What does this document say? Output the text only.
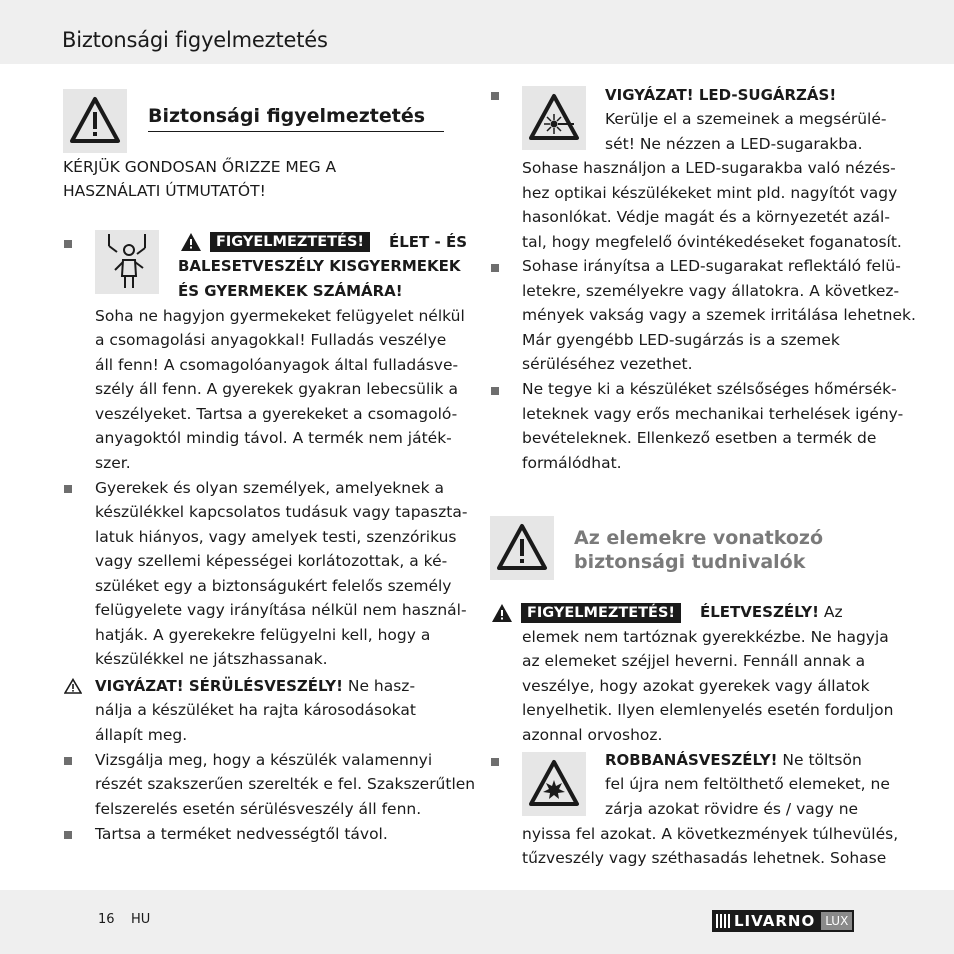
Biztonsági figyelmeztetés
Biztonsági figyelmeztetés
KÉRJÜK GONDOSAN ŐRIZZE MEG A
HASZNÁLATI ÚTMUTATÓT!
FIGYELMEZTETÉS!	ÉLET - ÉS
BALESETVESZÉLY KISGYERMEKEK
ÉS GYERMEKEK SZÁMÁRA!
Soha ne hagyjon gyermekeket felügyelet nélkül
a csomagolási anyagokkal! Fulladás veszélye
áll fenn! A csomagolóanyagok által fulladásve-
szély áll fenn. A gyerekek gyakran lebecsülik a
veszélyeket. Tartsa a gyerekeket a csomagoló-
anyagoktól mindig távol. A termék nem játék-
szer.
Gyerekek és olyan személyek, amelyeknek a
készülékkel kapcsolatos tudásuk vagy tapaszta-
latuk hiányos, vagy amelyek testi, szenzórikus
vagy szellemi képességei korlátozottak, a ké-
szüléket egy a biztonságukért felelős személy
felügyelete vagy irányítása nélkül nem használ-
hatják. A gyerekekre felügyelni kell, hogy a
készülékkel ne játszhassanak.
VIGYÁZAT! SÉRÜLÉSVESZÉLY! Ne hasz-
nálja a készüléket ha rajta károsodásokat
állapít meg.
Vizsgálja meg, hogy a készülék valamennyi
részét szakszerűen szerelték e fel. Szakszerűtlen
felszerelés esetén sérülésveszély áll fenn.
Tartsa a terméket nedvességtől távol.
VIGYÁZAT! LED-SUGÁRZÁS!
Kerülje el a szemeinek a megsérülé-
sét! Ne nézzen a LED-sugarakba.
Sohase használjon a LED-sugarakba való nézés-
hez optikai készülékeket mint pld. nagyítót vagy
hasonlókat. Védje magát és a környezetét azál-
tal, hogy megfelelő óvintékedéseket foganatosít.
Sohase irányítsa a LED-sugarakat reflektáló felü-
letekre, személyekre vagy állatokra. A következ-
mények vakság vagy a szemek irritálása lehetnek.
Már gyengébb LED-sugárzás is a szemek
sérüléséhez vezethet.
Ne tegye ki a készüléket szélsőséges hőmérsék-
leteknek vagy erős mechanikai terhelések igény-
bevételeknek. Ellenkező esetben a termék de
formálódhat.
Az elemekre vonatkozó
biztonsági tudnivalók
FIGYELMEZTETÉS!	ÉLETVESZÉLY! Az
elemek nem tartóznak gyerekkézbe. Ne hagyja
az elemeket széjjel heverni. Fennáll annak a
veszélye, hogy azokat gyerekek vagy állatok
lenyelhetik. Ilyen elemlenyelés esetén forduljon
azonnal orvoshoz.
ROBBANÁSVESZÉLY! Ne töltsön
fel újra nem feltölthető elemeket, ne
zárja azokat rövidre és / vagy ne
nyissa fel azokat. A következmények túlhevülés,
tűzveszély vagy széthasadás lehetnek. Sohase
16 HU	LIVARNO LUX
